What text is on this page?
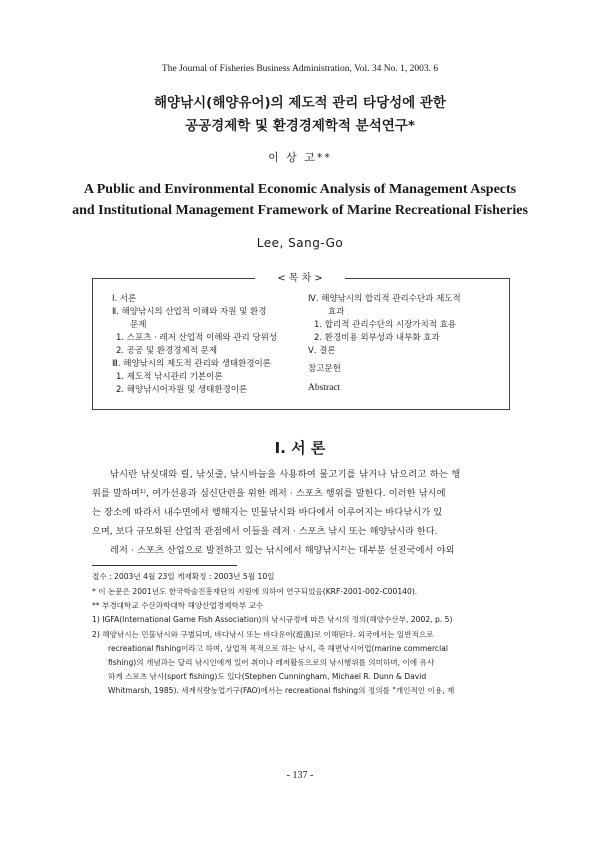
The Journal of Fisheries Business Administration, Vol. 34 No. 1, 2003. 6
해양낚시(해양유어)의 제도적 관리 타당성에 관한
공공경제학 및 환경경제학적 분석연구*
이 상 고**
A Public and Environmental Economic Analysis of Management Aspects
and Institutional Management Framework of Marine Recreational Fisheries
Lee, Sang-Go
< 목 차 >
Ⅰ. 서론
Ⅱ. 해양낚시의 산업적 이해와 자원 및 환경
문제
1. 스포츠 · 레저 산업적 이해와 관리 당위성
2. 공공 및 환경경제적 문제
Ⅲ. 해양낚시의 제도적 관리와 생태환경이론
1. 제도적 낚시관리 기본이론
2. 해양낚시어자원 및 생태환경이론
Ⅳ. 해양낚시의 합리적 관리수단과 제도적
효과
1. 합리적 관리수단의 시장가치적 효용
2. 환경비용 외부성과 내부화 효과
Ⅴ. 결론
참고문헌
Abstract
Ⅰ. 서 론
낚시란 낚싯대와 릴, 낚싯줄, 낚시바늘을 사용하여 물고기를 낚거나 낚으려고 하는 행
위를 말하며¹⁾, 여가선용과 심신단련을 위한 레저 · 스포츠 행위를 말한다. 이러한 낚시에
는 장소에 따라서 내수면에서 행해지는 민물낚시와 바다에서 이루어지는 바다낚시가 있
으며, 보다 규모화된 산업적 관점에서 이들을 레저 · 스포츠 낚시 또는 해양낚시라 한다.
레저 · 스포츠 산업으로 발전하고 있는 낚시에서 해양낚시²⁾는 대부분 선진국에서 야외
접수 : 2003년 4월 23일 게재확정 : 2003년 5월 10일
* 이 논문은 2001년도 한국학술진흥재단의 지원에 의하여 연구되었음(KRF-2001-002-C00140).
** 부경대학교 수산과학대학 해양산업경제학부 교수
1) IGFA(International Game Fish Association)의 낚시규정에 따른 낚시의 정의(해양수산부, 2002, p. 5)
2) 해양낚시는 민물낚시와 구별되며, 바다낚시 또는 바다유어(遊漁)로 이해된다. 외국에서는 일반적으로
recreational fishing이라고 하며, 상업적 목적으로 하는 낚시, 즉 해면낚시어업(marine commercial
fishing)의 개념과는 달리 낚시인에게 있어 취미나 레저활동으로의 낚시행위를 의미하며, 이에 유사
하게 스포츠 낚시(sport fishing)도 있다(Stephen Cunningham, Michael R. Dunn & David
Whitmarsh, 1985). 세계식량농업기구(FAO)에서는 recreational fishing의 정의를 "개인적인 이용, 재
- 137 -
